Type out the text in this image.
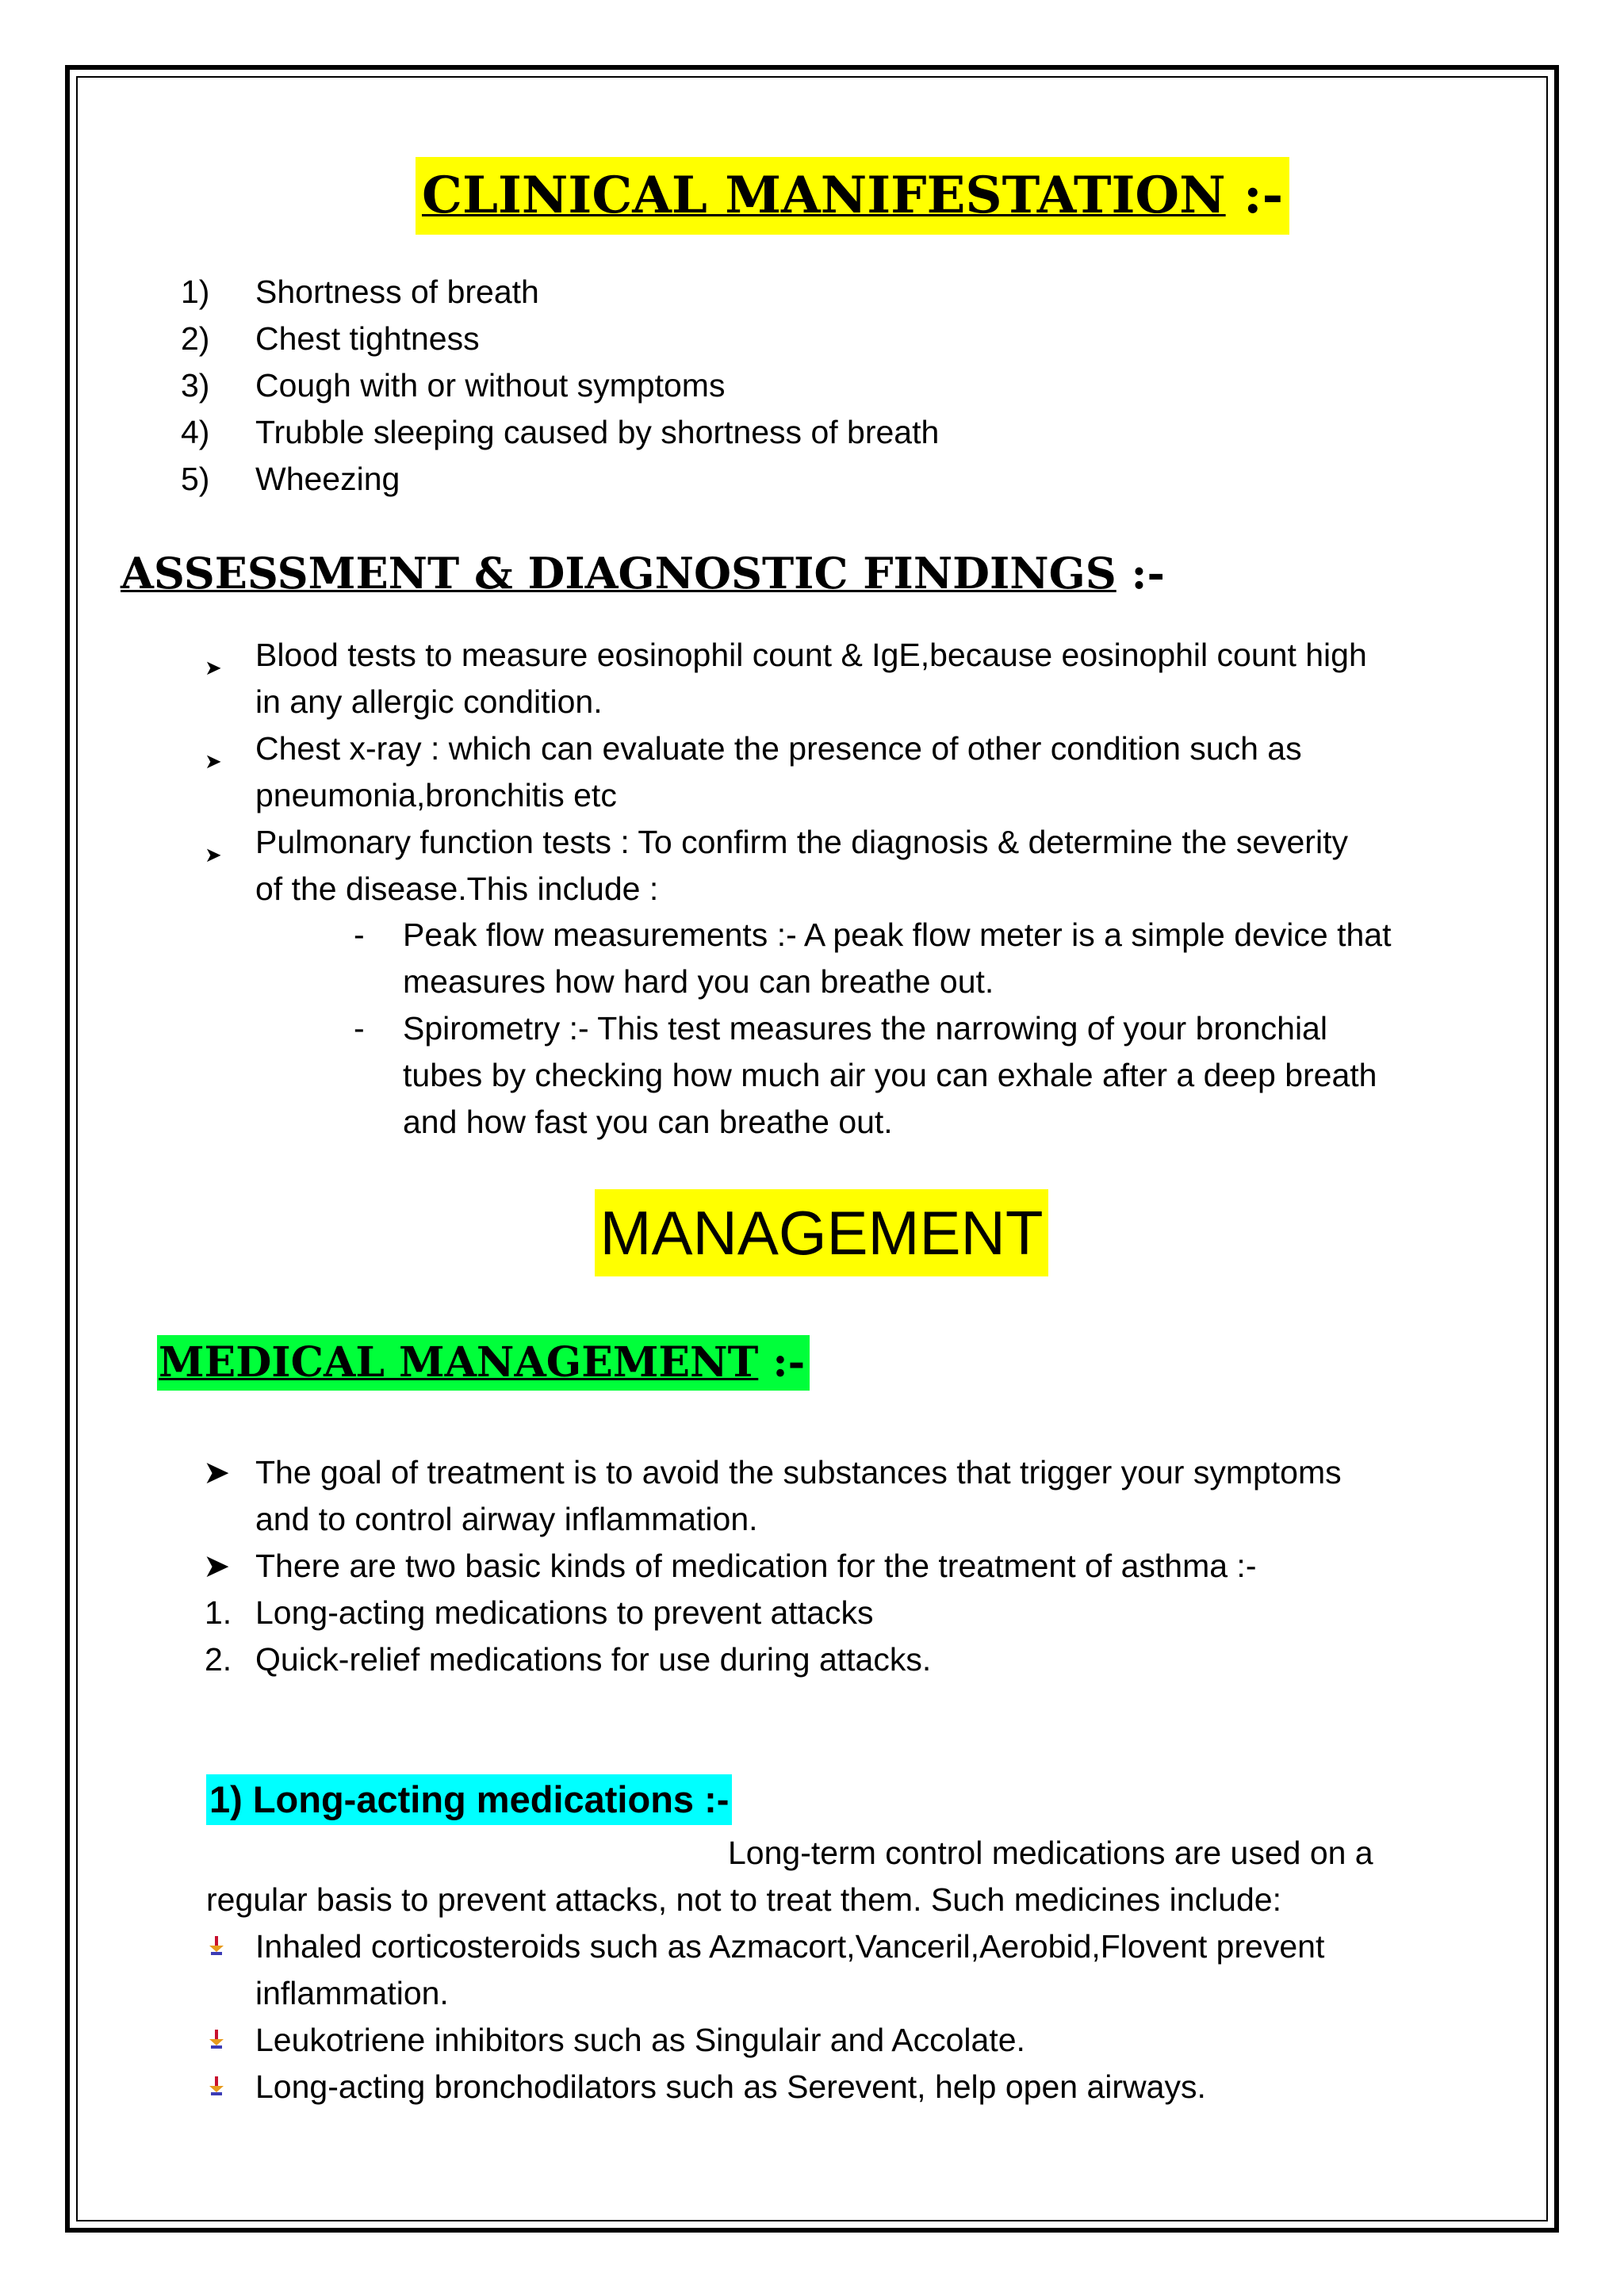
CLINICAL MANIFESTATION :-
1) Shortness of breath
2) Chest tightness
3) Cough with or without symptoms
4) Trubble sleeping caused by shortness of breath
5) Wheezing
ASSESSMENT & DIAGNOSTIC FINDINGS :-
➤ Blood tests to measure eosinophil count & IgE,because eosinophil count high
in any allergic condition.
➤ Chest x-ray : which can evaluate the presence of other condition such as
pneumonia,bronchitis etc
➤ Pulmonary function tests : To confirm the diagnosis & determine the severity
of the disease.This include :
- Peak flow measurements :- A peak flow meter is a simple device that
measures how hard you can breathe out.
- Spirometry :- This test measures the narrowing of your bronchial
tubes by checking how much air you can exhale after a deep breath
and how fast you can breathe out.
MANAGEMENT
MEDICAL MANAGEMENT :-
➤ The goal of treatment is to avoid the substances that trigger your symptoms
and to control airway inflammation.
➤ There are two basic kinds of medication for the treatment of asthma :-
1. Long-acting medications to prevent attacks
2. Quick-relief medications for use during attacks.
1) Long-acting medications :-
Long-term control medications are used on a
regular basis to prevent attacks, not to treat them. Such medicines include:
Inhaled corticosteroids such as Azmacort,Vanceril,Aerobid,Flovent prevent
inflammation.
Leukotriene inhibitors such as Singulair and Accolate.
Long-acting bronchodilators such as Serevent, help open airways.
